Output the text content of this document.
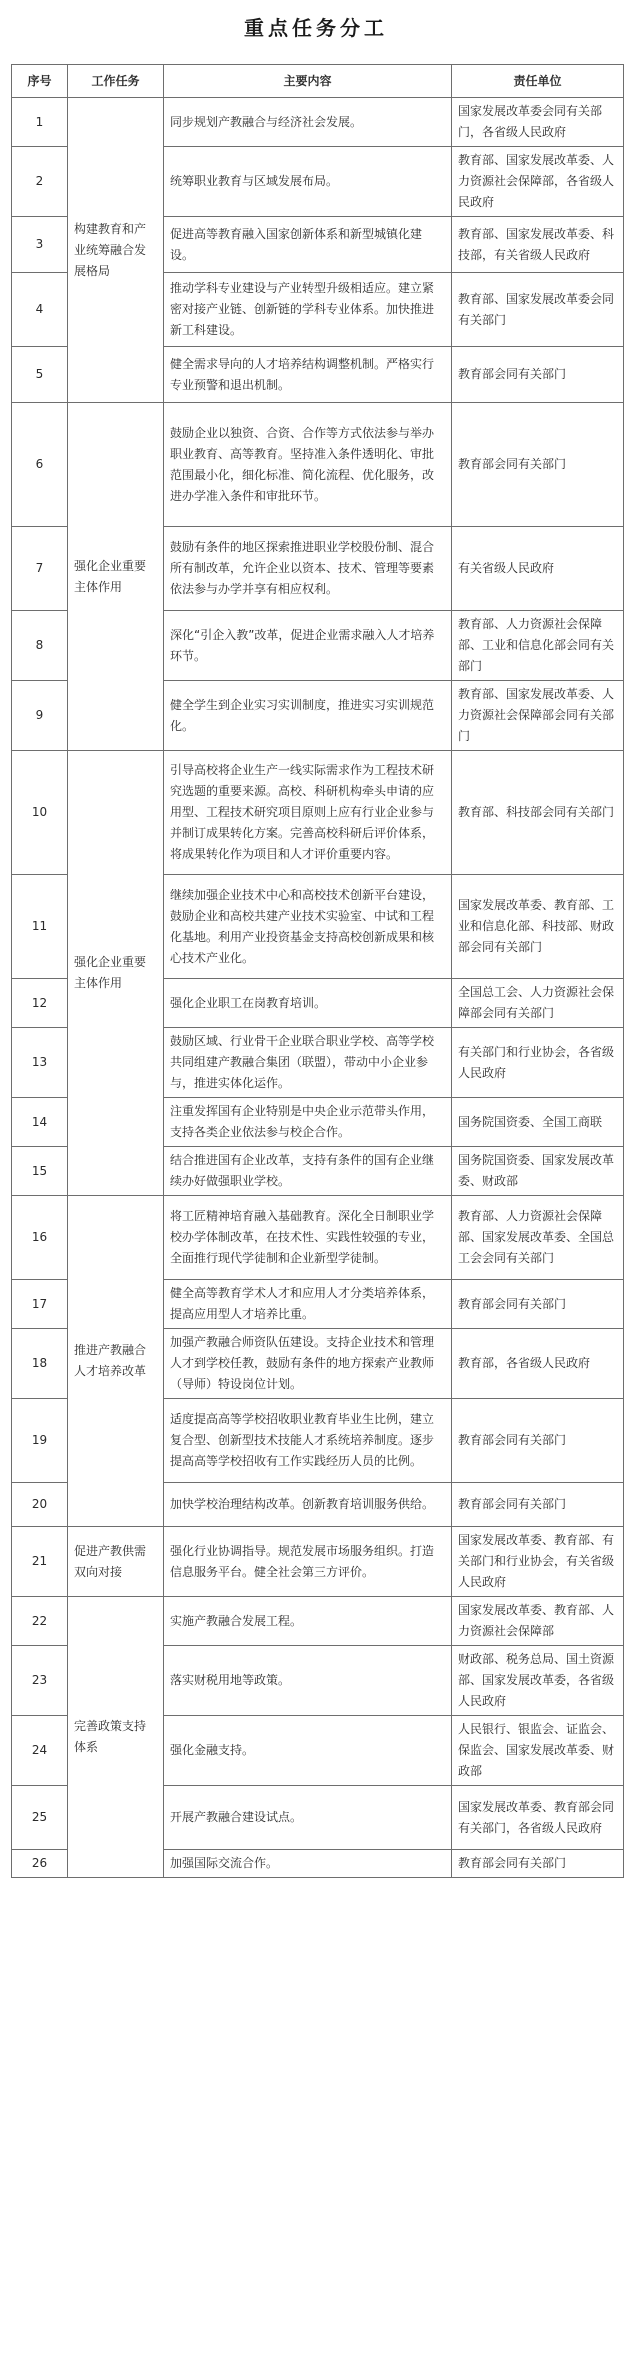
重点任务分工
序号	工作任务	主要内容	责任单位
1	构建教育和产业统筹融合发展格局	同步规划产教融合与经济社会发展。	国家发展改革委会同有关部门，各省级人民政府
2		统筹职业教育与区域发展布局。	教育部、国家发展改革委、人力资源社会保障部，各省级人民政府
3		促进高等教育融入国家创新体系和新型城镇化建设。	教育部、国家发展改革委、科技部，有关省级人民政府
4		推动学科专业建设与产业转型升级相适应。建立紧密对接产业链、创新链的学科专业体系。加快推进新工科建设。	教育部、国家发展改革委会同有关部门
5		健全需求导向的人才培养结构调整机制。严格实行专业预警和退出机制。	教育部会同有关部门
6	强化企业重要主体作用	鼓励企业以独资、合资、合作等方式依法参与举办职业教育、高等教育。坚持准入条件透明化、审批范围最小化，细化标准、简化流程、优化服务，改进办学准入条件和审批环节。	教育部会同有关部门
7		鼓励有条件的地区探索推进职业学校股份制、混合所有制改革，允许企业以资本、技术、管理等要素依法参与办学并享有相应权利。	有关省级人民政府
8		深化“引企入教”改革，促进企业需求融入人才培养环节。	教育部、人力资源社会保障部、工业和信息化部会同有关部门
9		健全学生到企业实习实训制度，推进实习实训规范化。	教育部、国家发展改革委、人力资源社会保障部会同有关部门
10	强化企业重要主体作用	引导高校将企业生产一线实际需求作为工程技术研究选题的重要来源。高校、科研机构牵头申请的应用型、工程技术研究项目原则上应有行业企业参与并制订成果转化方案。完善高校科研后评价体系，将成果转化作为项目和人才评价重要内容。	教育部、科技部会同有关部门
11		继续加强企业技术中心和高校技术创新平台建设，鼓励企业和高校共建产业技术实验室、中试和工程化基地。利用产业投资基金支持高校创新成果和核心技术产业化。	国家发展改革委、教育部、工业和信息化部、科技部、财政部会同有关部门
12		强化企业职工在岗教育培训。	全国总工会、人力资源社会保障部会同有关部门
13		鼓励区域、行业骨干企业联合职业学校、高等学校共同组建产教融合集团（联盟），带动中小企业参与，推进实体化运作。	有关部门和行业协会，各省级人民政府
14		注重发挥国有企业特别是中央企业示范带头作用，支持各类企业依法参与校企合作。	国务院国资委、全国工商联
15		结合推进国有企业改革，支持有条件的国有企业继续办好做强职业学校。	国务院国资委、国家发展改革委、财政部
16	推进产教融合人才培养改革	将工匠精神培育融入基础教育。深化全日制职业学校办学体制改革，在技术性、实践性较强的专业，全面推行现代学徒制和企业新型学徒制。	教育部、人力资源社会保障部、国家发展改革委、全国总工会会同有关部门
17		健全高等教育学术人才和应用人才分类培养体系，提高应用型人才培养比重。	教育部会同有关部门
18		加强产教融合师资队伍建设。支持企业技术和管理人才到学校任教，鼓励有条件的地方探索产业教师（导师）特设岗位计划。	教育部，各省级人民政府
19		适度提高高等学校招收职业教育毕业生比例，建立复合型、创新型技术技能人才系统培养制度。逐步提高高等学校招收有工作实践经历人员的比例。	教育部会同有关部门
20		加快学校治理结构改革。创新教育培训服务供给。	教育部会同有关部门
21	促进产教供需双向对接	强化行业协调指导。规范发展市场服务组织。打造信息服务平台。健全社会第三方评价。	国家发展改革委、教育部、有关部门和行业协会，有关省级人民政府
22	完善政策支持体系	实施产教融合发展工程。	国家发展改革委、教育部、人力资源社会保障部
23		落实财税用地等政策。	财政部、税务总局、国土资源部、国家发展改革委，各省级人民政府
24		强化金融支持。	人民银行、银监会、证监会、保监会、国家发展改革委、财政部
25		开展产教融合建设试点。	国家发展改革委、教育部会同有关部门，各省级人民政府
26		加强国际交流合作。	教育部会同有关部门
